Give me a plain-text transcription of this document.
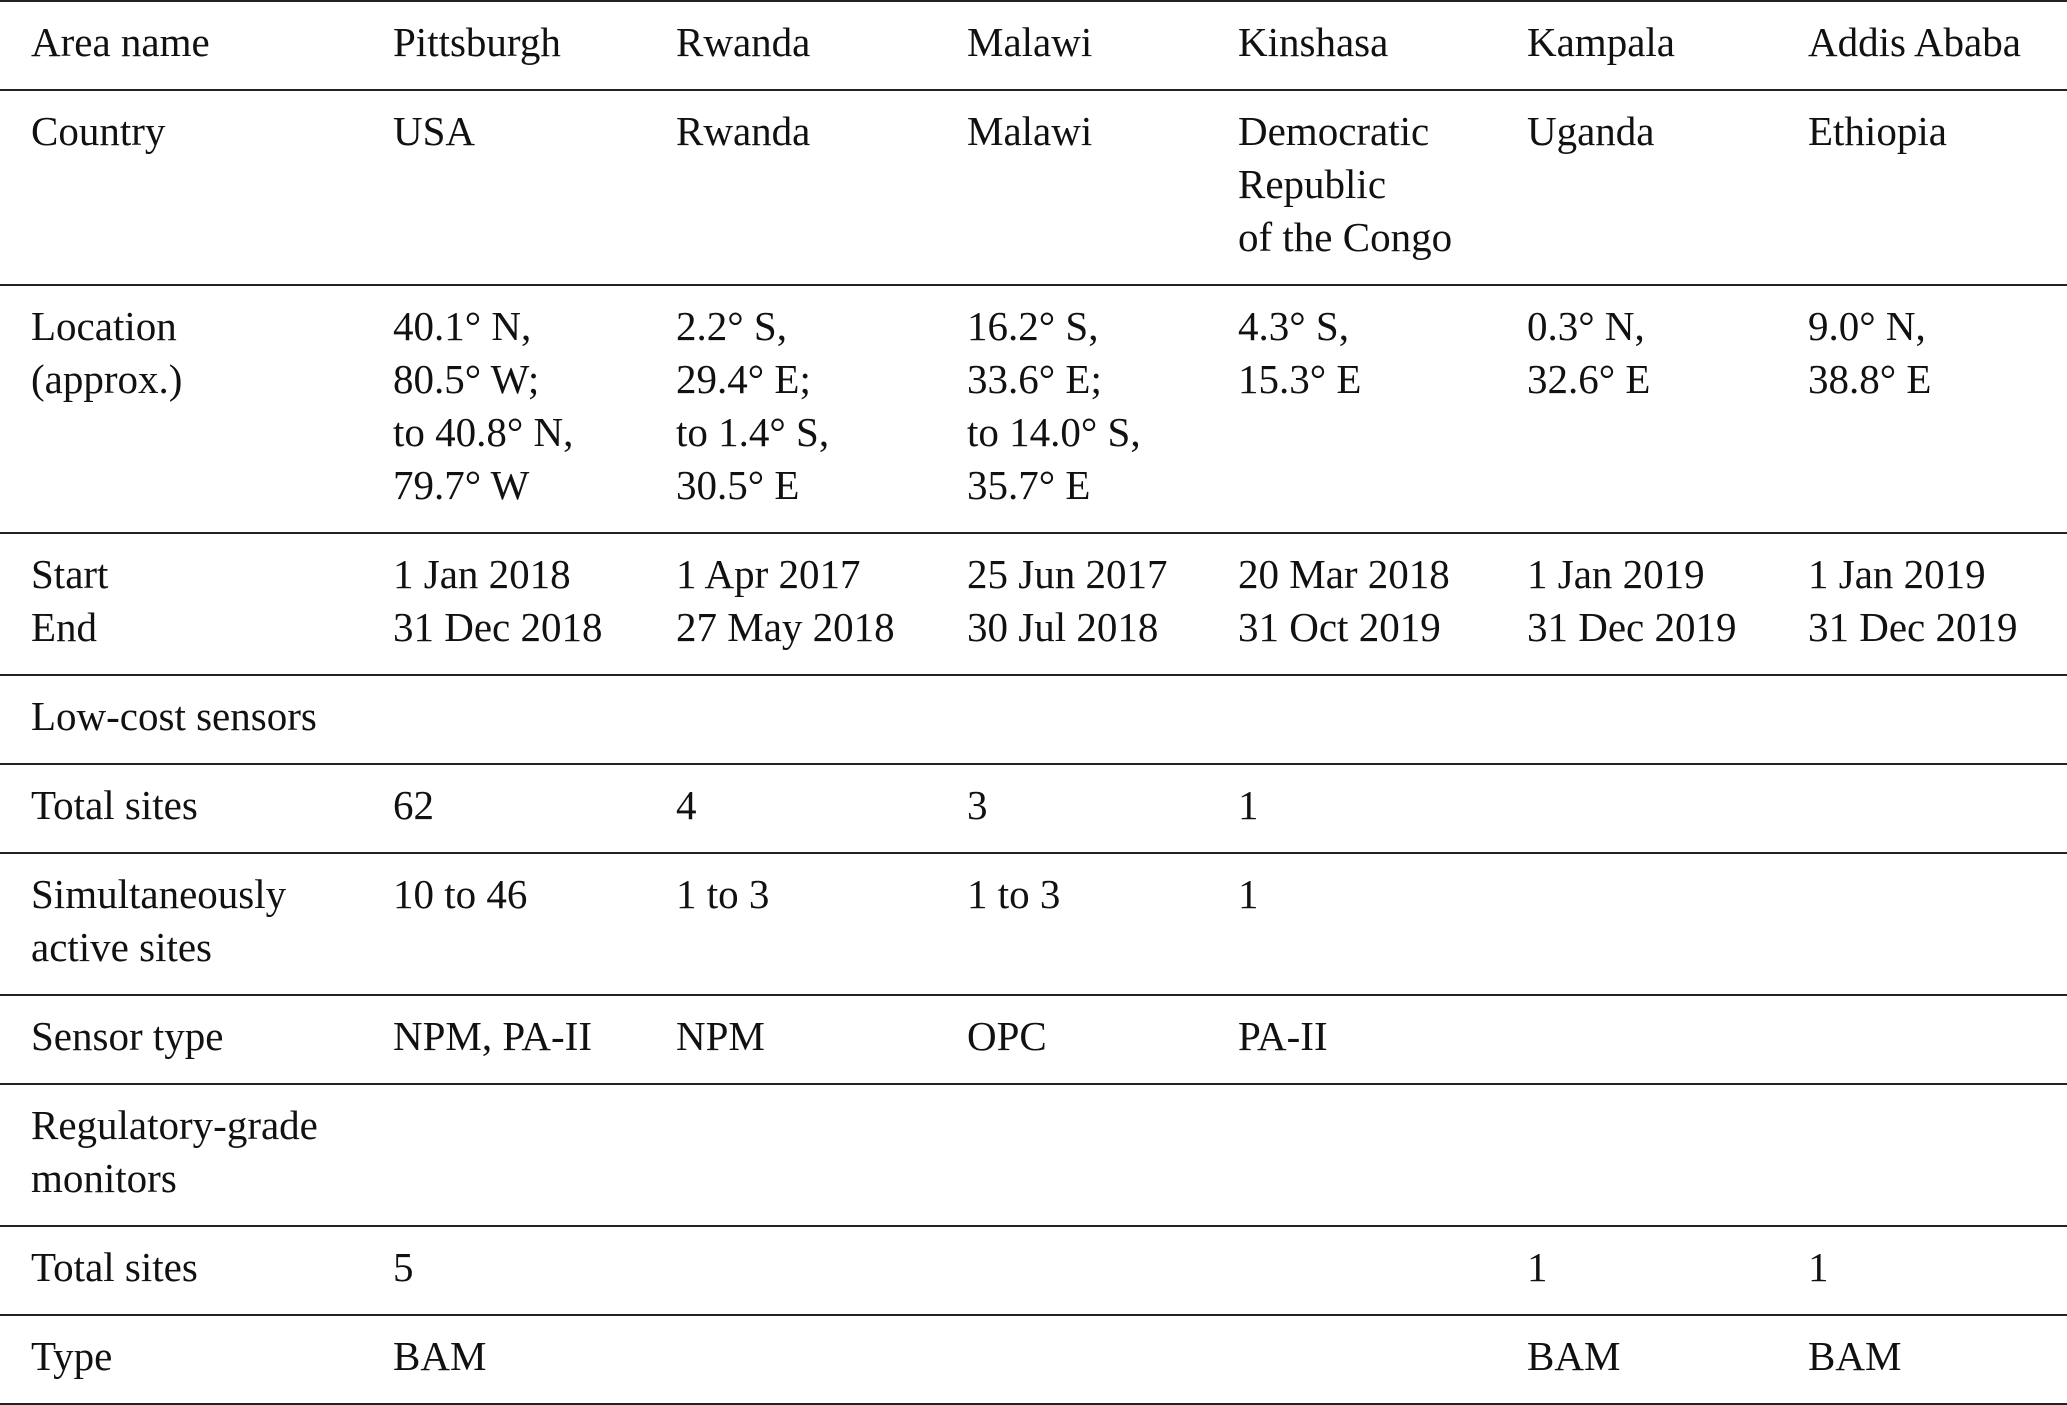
Area name	Pittsburgh	Rwanda	Malawi	Kinshasa	Kampala	Addis Ababa
Country	USA	Rwanda	Malawi	Democratic
Republic
of the Congo	Uganda	Ethiopia
Location
(approx.)	40.1° N,
80.5° W;
to 40.8° N,
79.7° W	2.2° S,
29.4° E;
to 1.4° S,
30.5° E	16.2° S,
33.6° E;
to 14.0° S,
35.7° E	4.3° S,
15.3° E	0.3° N,
32.6° E	9.0° N,
38.8° E
Start
End	1 Jan 2018
31 Dec 2018	1 Apr 2017
27 May 2018	25 Jun 2017
30 Jul 2018	20 Mar 2018
31 Oct 2019	1 Jan 2019
31 Dec 2019	1 Jan 2019
31 Dec 2019
Low-cost sensors						
Total sites	62	4	3	1		
Simultaneously
active sites	10 to 46	1 to 3	1 to 3	1		
Sensor type	NPM, PA-II	NPM	OPC	PA-II		
Regulatory-grade
monitors						
Total sites	5				1	1
Type	BAM				BAM	BAM
